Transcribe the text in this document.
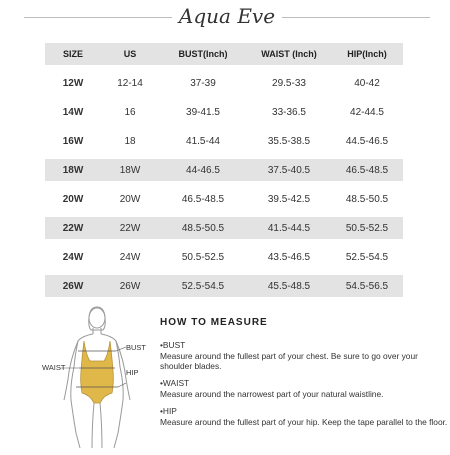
Aqua Eve
SIZE	US	BUST(Inch)	WAIST (Inch)	HIP(Inch)
12W	12-14	37-39	29.5-33	40-42
14W	16	39-41.5	33-36.5	42-44.5
16W	18	41.5-44	35.5-38.5	44.5-46.5
18W	18W	44-46.5	37.5-40.5	46.5-48.5
20W	20W	46.5-48.5	39.5-42.5	48.5-50.5
22W	22W	48.5-50.5	41.5-44.5	50.5-52.5
24W	24W	50.5-52.5	43.5-46.5	52.5-54.5
26W	26W	52.5-54.5	45.5-48.5	54.5-56.5
BUST
WAIST
HIP
HOW TO MEASURE
•BUST
Measure around the fullest part of your chest. Be sure to go over your shoulder blades.
•WAIST
Measure around the narrowest part of your natural waistline.
•HIP
Measure around the fullest part of your hip. Keep the tape parallel to the floor.
